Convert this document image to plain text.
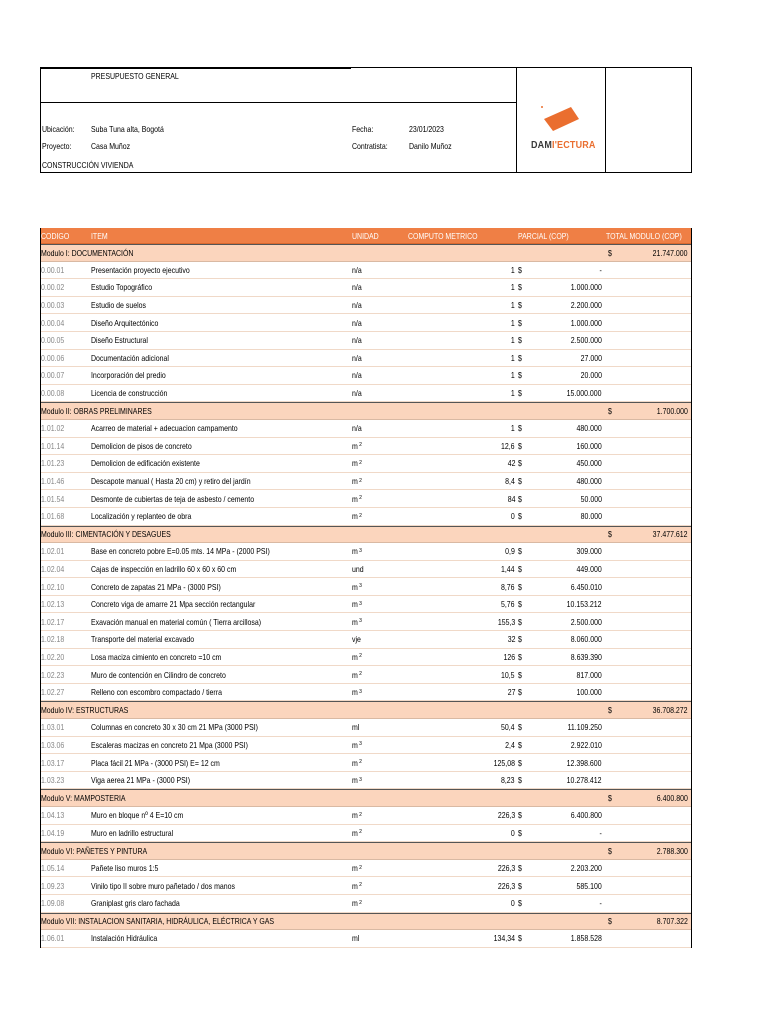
PRESUPUESTO GENERAL
Ubicación: Suba Tuna alta, Bogotá
Proyecto: Casa Muñoz
CONSTRUCCIÓN VIVIENDA
Fecha:	23/01/2023
Contratista:	Danilo Muñoz	DAMI'ECTURA
CODIGO	ITEM	UNIDAD	COMPUTO METRICO	PARCIAL (COP)	TOTAL MODULO (COP)
Modulo I: DOCUMENTACIÓN	$	21.747.000
0.00.01	Presentación proyecto ejecutivo	n/a	1 $	-
0.00.02	Estudio Topográfico	n/a	1 $	1.000.000
0.00.03	Estudio de suelos	n/a	1 $	2.200.000
0.00.04	Diseño Arquitectónico	n/a	1 $	1.000.000
0.00.05	Diseño Estructural	n/a	1 $	2.500.000
0.00.06	Documentación adicional	n/a	1 $	27.000
0.00.07	Incorporación del predio	n/a	1 $	20.000
0.00.08	Licencia de construcción	n/a	1 $	15.000.000
Modulo II: OBRAS PRELIMINARES	$	1.700.000
1.01.02	Acarreo de material + adecuacion campamento	n/a	1 $	480.000
1.01.14	Demolicion de pisos de concreto	m 2	12,6 $	160.000
1.01.23	Demolicion de edificación existente	m 2	42 $	450.000
1.01.46	Descapote manual ( Hasta 20 cm) y retiro del jardín	m 2	8,4 $	480.000
1.01.54	Desmonte de cubiertas de teja de asbesto / cemento	m 2	84 $	50.000
1.01.68	Localización y replanteo de obra	m 2	0 $	80.000
Modulo III: CIMENTACIÓN Y DESAGUES	$	37.477.612
1.02.01	Base en concreto pobre E=0.05 mts. 14 MPa - (2000 PSI)	m 3	0,9 $	309.000
1.02.04	Cajas de inspección en ladrillo 60 x 60 x 60 cm	und	1,44 $	449.000
1.02.10	Concreto de zapatas 21 MPa - (3000 PSI)	m 3	8,76 $	6.450.010
1.02.13	Concreto viga de amarre 21 Mpa sección rectangular	m 3	5,76 $	10.153.212
1.02.17	Exavación manual en material común ( Tierra arcillosa)	m 3	155,3 $	2.500.000
1.02.18	Transporte del material excavado	vje	32 $	8.060.000
1.02.20	Losa maciza cimiento en concreto =10 cm	m 2	126 $	8.639.390
1.02.23	Muro de contención en Cilindro de concreto	m 2	10,5 $	817.000
1.02.27	Relleno con escombro compactado / tierra	m 3	27 $	100.000
Modulo IV: ESTRUCTURAS	$	36.708.272
1.03.01	Columnas en concreto 30 x 30 cm 21 MPa (3000 PSI)	ml	50,4 $	11.109.250
1.03.06	Escaleras macizas en concreto 21 Mpa (3000 PSI)	m 3	2,4 $	2.922.010
1.03.17	Placa fácil 21 MPa - (3000 PSI) E= 12 cm	m 2	125,08 $	12.398.600
1.03.23	Viga aerea 21 MPa - (3000 PSI)	m 3	8,23 $	10.278.412
Modulo V: MAMPOSTERIA	$	6.400.800
1.04.13	Muro en bloque nº 4 E=10 cm	m 2	226,3 $	6.400.800
1.04.19	Muro en ladrillo estructural	m 2	0 $	-
Modulo VI: PAÑETES Y PINTURA	$	2.788.300
1.05.14	Pañete liso muros 1:5	m 2	226,3 $	2.203.200
1.09.23	Vinilo tipo II sobre muro pañetado / dos manos	m 2	226,3 $	585.100
1.09.08	Graniplast gris claro fachada	m 2	0 $	-
Modulo VII: INSTALACION SANITARIA, HIDRÁULICA, ELÉCTRICA Y GAS	$	8.707.322
1.06.01	Instalación Hidráulica	ml	134,34 $	1.858.528
